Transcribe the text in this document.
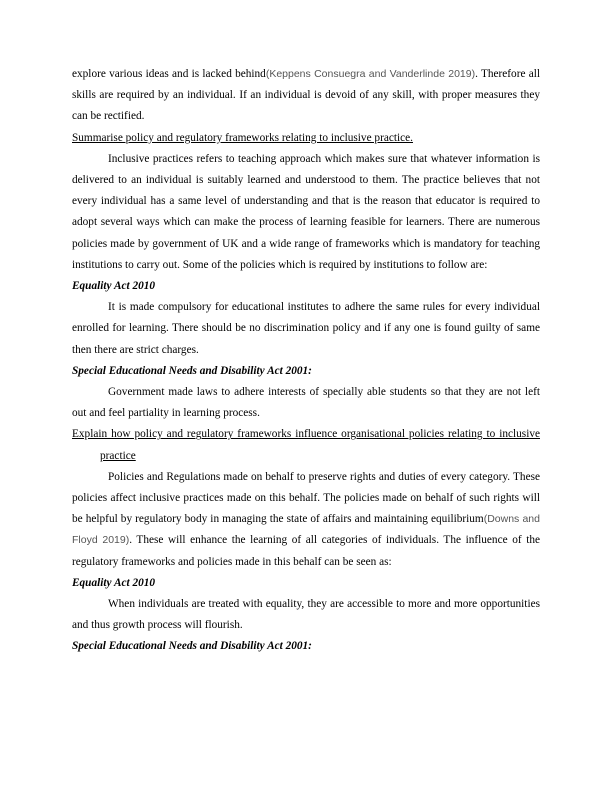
explore various ideas and is lacked behind(Keppens Consuegra and Vanderlinde 2019). Therefore all skills are required by an individual. If an individual is devoid of any skill, with proper measures they can be rectified.

Summarise policy and regulatory frameworks relating to inclusive practice.

Inclusive practices refers to teaching approach which makes sure that whatever information is delivered to an individual is suitably learned and understood to them. The practice believes that not every individual has a same level of understanding and that is the reason that educator is required to adopt several ways which can make the process of learning feasible for learners. There are numerous policies made by government of UK and a wide range of frameworks which is mandatory for teaching institutions to carry out. Some of the policies which is required by institutions to follow are:

Equality Act 2010

It is made compulsory for educational institutes to adhere the same rules for every individual enrolled for learning. There should be no discrimination policy and if any one is found guilty of same then there are strict charges.

Special Educational Needs and Disability Act 2001:

Government made laws to adhere interests of specially able students so that they are not left out and feel partiality in learning process.

Explain how policy and regulatory frameworks influence organisational policies relating to inclusive practice

Policies and Regulations made on behalf to preserve rights and duties of every category. These policies affect inclusive practices made on this behalf. The policies made on behalf of such rights will be helpful by regulatory body in managing the state of affairs and maintaining equilibrium(Downs and Floyd 2019). These will enhance the learning of all categories of individuals. The influence of the regulatory frameworks and policies made in this behalf can be seen as:

Equality Act 2010

When individuals are treated with equality, they are accessible to more and more opportunities and thus growth process will flourish.

Special Educational Needs and Disability Act 2001:
